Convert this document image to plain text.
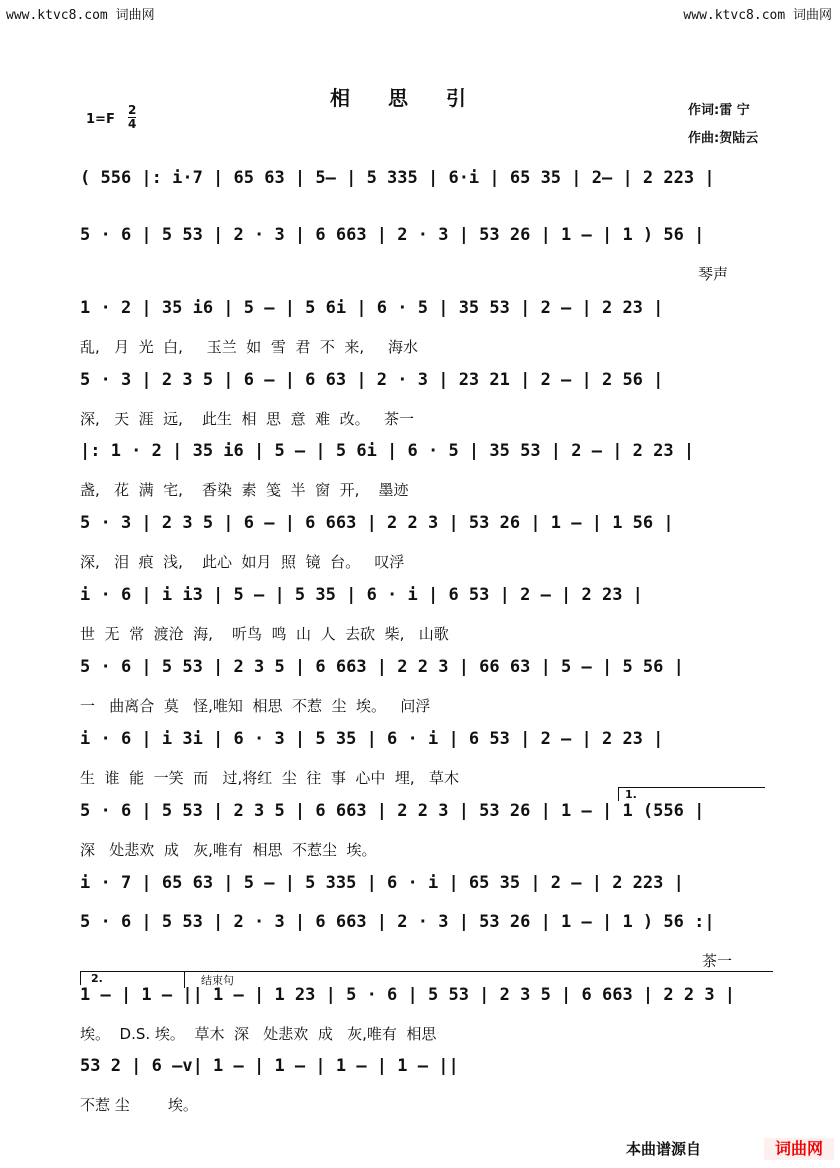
www.ktvc8.com 词曲网	www.ktvc8.com 词曲网
相思引
1=F
2
4
作词:雷 宁
作曲:贺陆云
( 556 |: i·7 | 65 63 | 5— | 5 335 | 6·i | 65 35 | 2— | 2 223 |
5 · 6 | 5 53 | 2 · 3 | 6 663 | 2 · 3 | 53 26 | 1 — | 1 ) 56 |
琴声
1 · 2 | 35 i6 | 5 — | 5 6i | 6 · 5 | 35 53 | 2 — | 2 23 |
乱,   月  光  白,     玉兰  如  雪  君  不  来,     海水
5 · 3 | 2 3 5 | 6 — | 6 63 | 2 · 3 | 23 21 | 2 — | 2 56 |
深,   天  涯  远,    此生  相  思  意  难  改。   茶一
|: 1 · 2 | 35 i6 | 5 — | 5 6i | 6 · 5 | 35 53 | 2 — | 2 23 |
盏,   花  满  宅,    香染  素  笺  半  窗  开,    墨迹
5 · 3 | 2 3 5 | 6 — | 6 663 | 2 2 3 | 53 26 | 1 — | 1 56 |
深,   泪  痕  浅,    此心  如月  照  镜  台。   叹浮
i · 6 | i i3 | 5 — | 5 35 | 6 · i | 6 53 | 2 — | 2 23 |
世  无  常  渡沧  海,    听鸟  鸣  山  人  去砍  柴,   山歌
5 · 6 | 5 53 | 2 3 5 | 6 663 | 2 2 3 | 66 63 | 5 — | 5 56 |
一   曲离合  莫   怪,唯知  相思  不惹  尘  埃。   问浮
i · 6 | i 3i | 6 · 3 | 5 35 | 6 · i | 6 53 | 2 — | 2 23 |
生  谁  能  一笑  而   过,将红  尘  往  事  心中  埋,   草木
5 · 6 | 5 53 | 2 3 5 | 6 663 | 2 2 3 | 53 26 | 1 — | 1 (556 |
深   处悲欢  成   灰,唯有  相思  不惹尘  埃。
1.
i · 7 | 65 63 | 5 — | 5 335 | 6 · i | 65 35 | 2 — | 2 223 |
5 · 6 | 5 53 | 2 · 3 | 6 663 | 2 · 3 | 53 26 | 1 — | 1 ) 56 :|
茶一
1 — | 1 — || 1 — | 1 23 | 5 · 6 | 5 53 | 2 3 5 | 6 663 | 2 2 3 |
埃。  D.S. 埃。  草木  深   处悲欢  成   灰,唯有  相思
2.	结束句
53 2 | 6 —v| 1 — | 1 — | 1 — | 1 — ||
不惹 尘        埃。
本曲谱源自	词曲网
